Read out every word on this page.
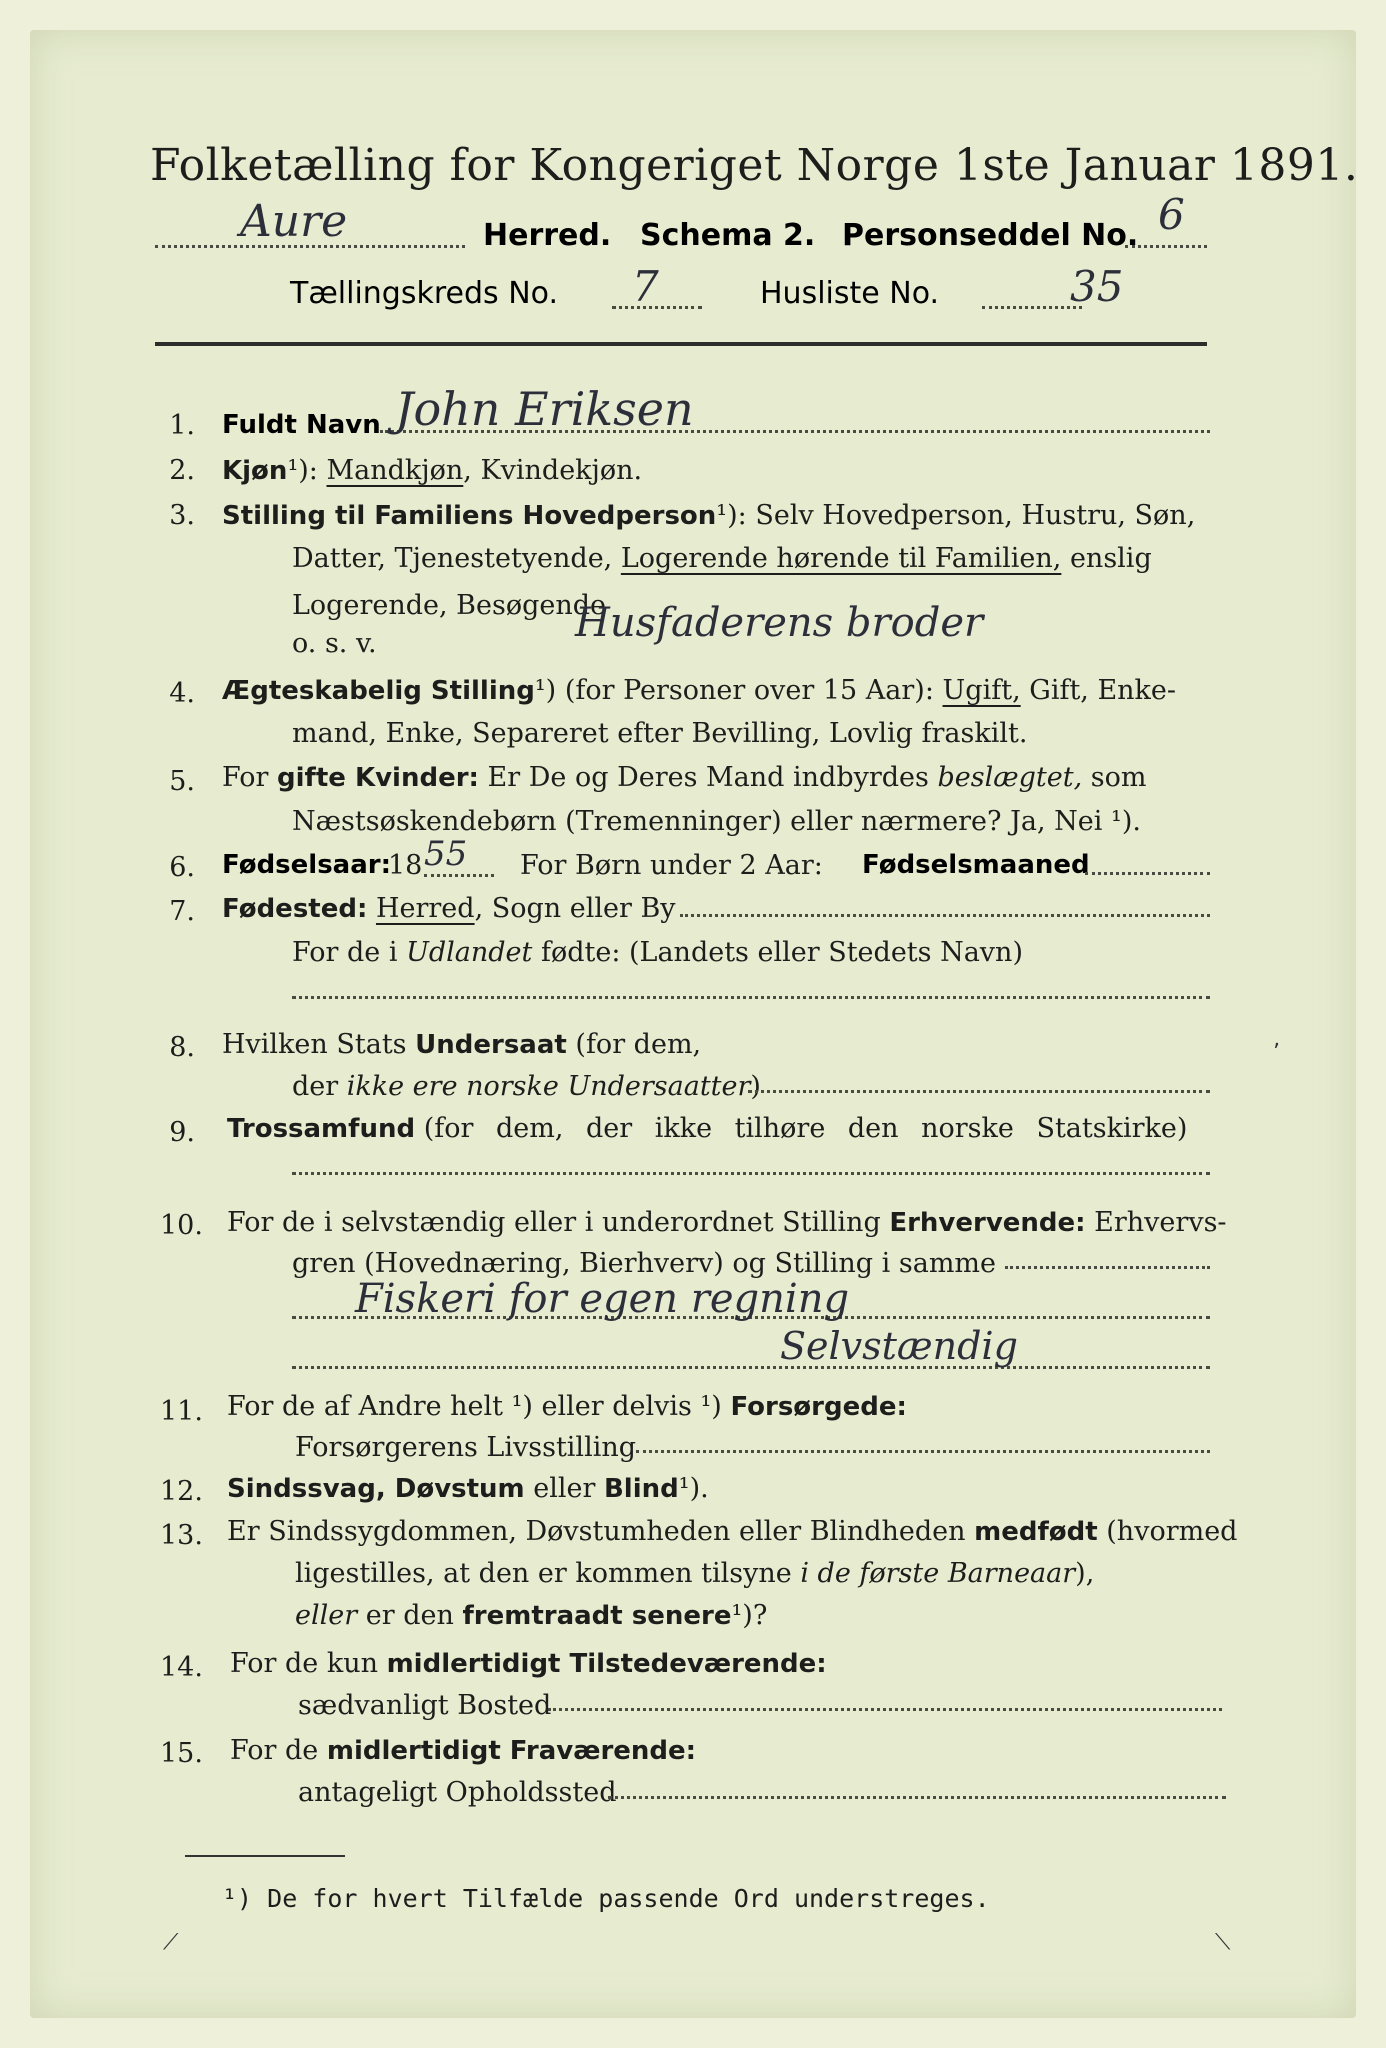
Folketælling for Kongeriget Norge 1ste Januar 1891.
Aure	Herred. Schema 2. Personseddel No. 6
Tællingskreds No. 7	Husliste No.	35
1. Fuldt Navn John Eriksen
2. Kjøn¹): Mandkjøn, Kvindekjøn.
3. Stilling til Familiens Hovedperson¹): Selv Hovedperson, Hustru, Søn,
Datter, Tjenestetyende, Logerende hørende til Familien, enslig
Logerende, Besøgende
o. s. v.	Husfaderens broder
4. Ægteskabelig Stilling¹) (for Personer over 15 Aar): Ugift, Gift, Enke-
mand, Enke, Separeret efter Bevilling, Lovlig fraskilt.
5. For gifte Kvinder: Er De og Deres Mand indbyrdes beslægtet, som
Næstsøskendebørn (Tremenninger) eller nærmere? Ja, Nei ¹).
6. Fødselsaar:
18 55 For Børn under 2 Aar: Fødselsmaaned
7. Fødested: Herred, Sogn eller By
For de i Udlandet fødte: (Landets eller Stedets Navn)
8. Hvilken Stats Undersaat (for dem,
der ikke ere norske Undersaatter)
9. Trossamfund (for dem, der ikke tilhøre den norske Statskirke)
10. For de i selvstændig eller i underordnet Stilling Erhvervende: Erhvervs-
gren (Hovednæring, Bierhverv) og Stilling i samme
Fiskeri for egen regning
Selvstændig
11. For de af Andre helt ¹) eller delvis ¹) Forsørgede:
Forsørgerens Livsstilling
12. Sindssvag, Døvstum eller Blind¹).
13. Er Sindssygdommen, Døvstumheden eller Blindheden medfødt (hvormed
ligestilles, at den er kommen tilsyne i de første Barneaar),
eller er den fremtraadt senere¹)?
14. For de kun midlertidigt Tilstedeværende:
sædvanligt Bosted
15. For de midlertidigt Fraværende:
antageligt Opholdssted
¹) De for hvert Tilfælde passende Ord understreges.
⟋	⟍
ʼ
